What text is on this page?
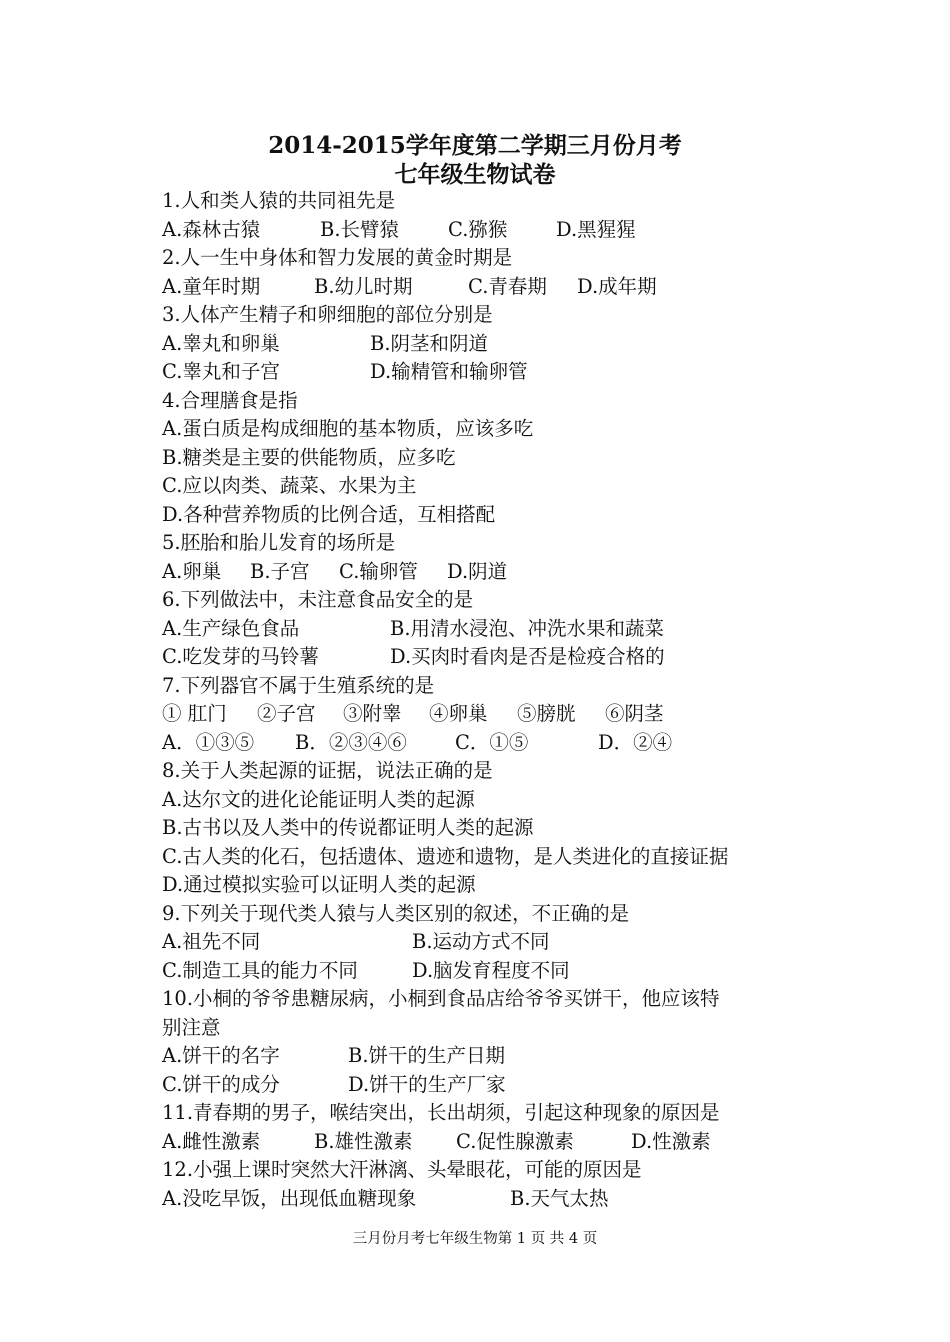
2014-2015学年度第二学期三月份月考
七年级生物试卷
1.人和类人猿的共同祖先是
A.森林古猿	B.长臂猿	C.猕猴 D.黑猩猩
2.人一生中身体和智力发展的黄金时期是
A.童年时期	B.幼儿时期	C.青春期 D.成年期
3.人体产生精子和卵细胞的部位分别是
A.睾丸和卵巢	B.阴茎和阴道
C.睾丸和子宫	D.输精管和输卵管
4.合理膳食是指
A.蛋白质是构成细胞的基本物质，应该多吃
B.糖类是主要的供能物质，应多吃
C.应以肉类、蔬菜、水果为主
D.各种营养物质的比例合适，互相搭配
5.胚胎和胎儿发育的场所是
A.卵巢 B.子宫 C.输卵管 D.阴道
6.下列做法中，未注意食品安全的是
A.生产绿色食品	B.用清水浸泡、冲洗水果和蔬菜
C.吃发芽的马铃薯	D.买肉时看肉是否是检疫合格的
7.下列器官不属于生殖系统的是
① 肛门 ②子宫 ③附睾 ④卵巢 ⑤膀胱 ⑥阴茎
A．①③⑤ B．②③④⑥ C．①⑤	D．②④
8.关于人类起源的证据，说法正确的是
A.达尔文的进化论能证明人类的起源
B.古书以及人类中的传说都证明人类的起源
C.古人类的化石，包括遗体、遗迹和遗物，是人类进化的直接证据
D.通过模拟实验可以证明人类的起源
9.下列关于现代类人猿与人类区别的叙述，不正确的是
A.祖先不同	B.运动方式不同
C.制造工具的能力不同	D.脑发育程度不同
10.小桐的爷爷患糖尿病，小桐到食品店给爷爷买饼干，他应该特
别注意
A.饼干的名字	B.饼干的生产日期
C.饼干的成分	D.饼干的生产厂家
11.青春期的男子，喉结突出，长出胡须，引起这种现象的原因是
A.雌性激素	B.雄性激素 C.促性腺激素	D.性激素
12.小强上课时突然大汗淋漓、头晕眼花，可能的原因是
A.没吃早饭，出现低血糖现象	B.天气太热
三月份月考七年级生物第 1 页 共 4 页
